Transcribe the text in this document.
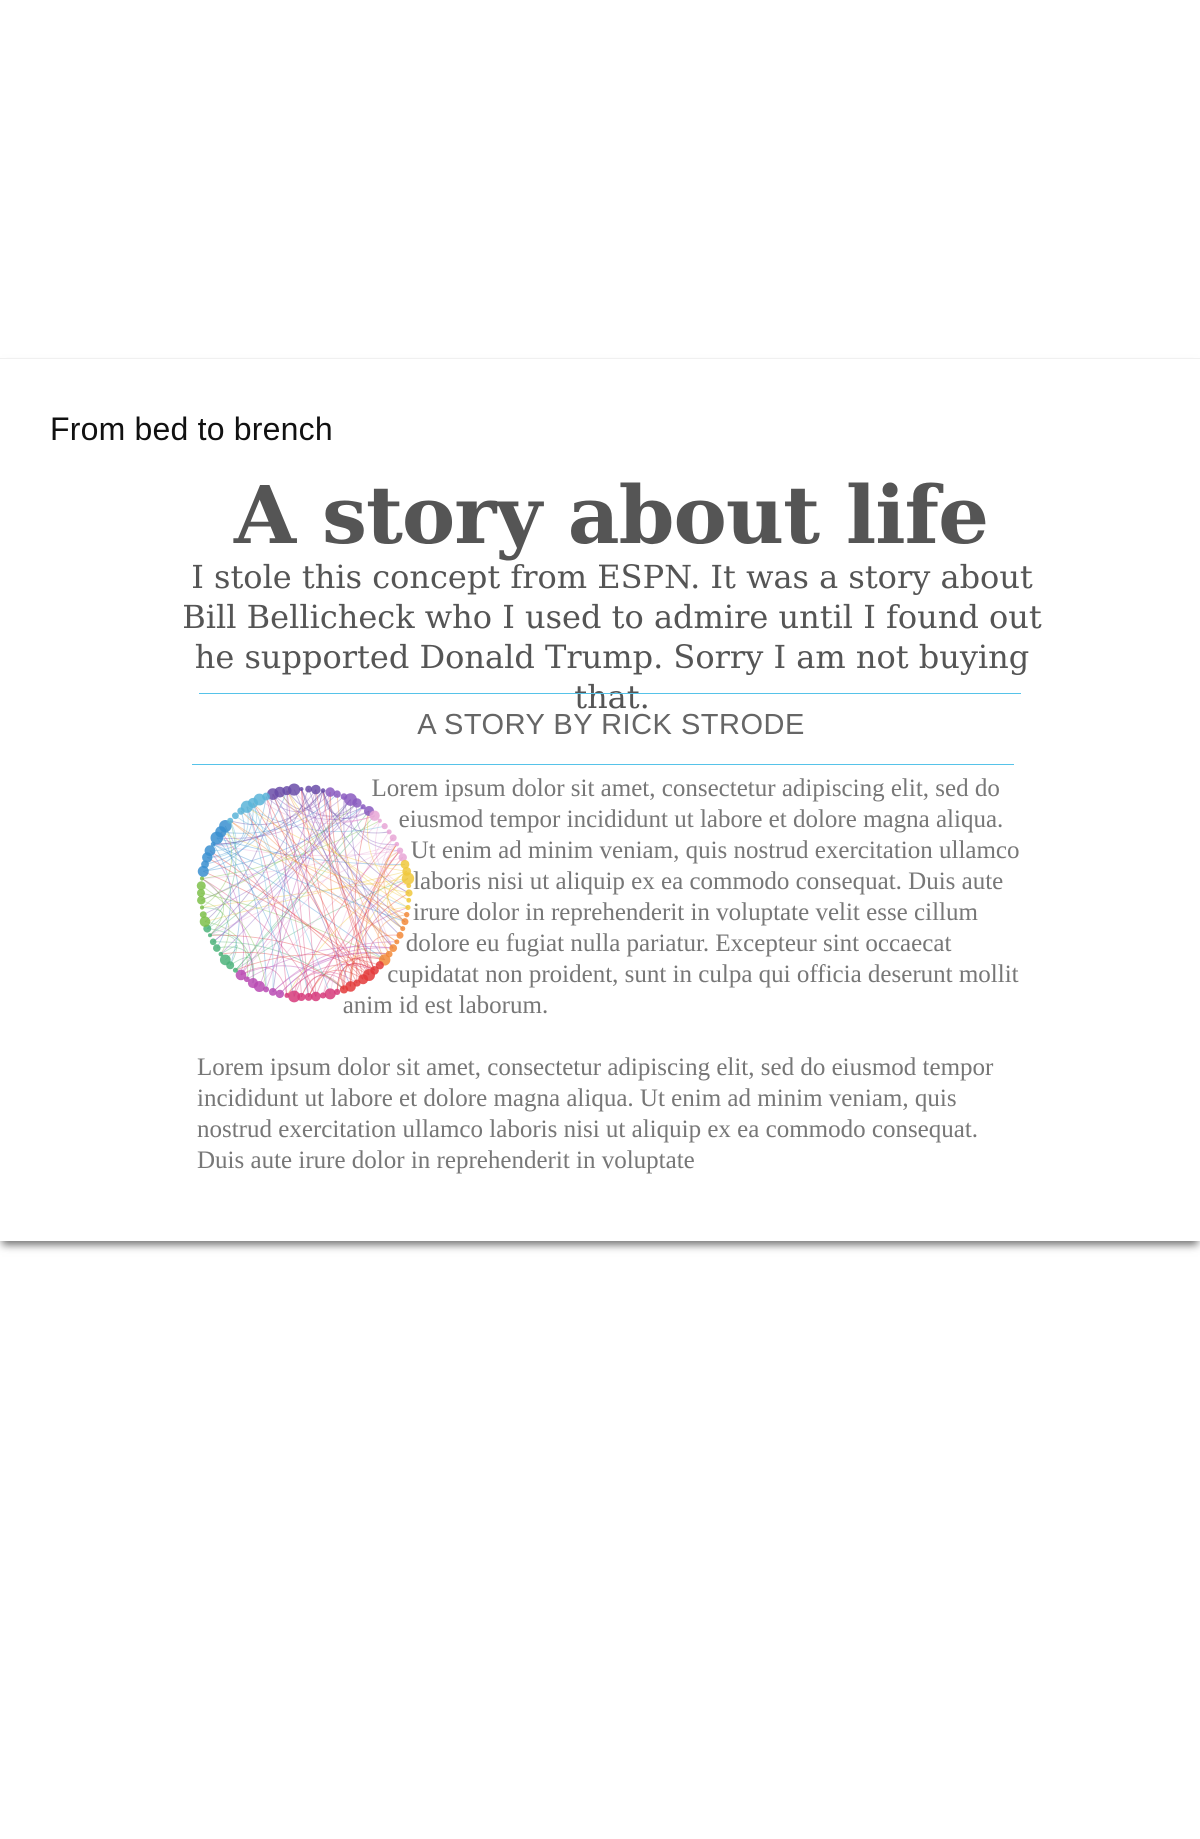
From bed to brench
A story about life

I stole this concept from ESPN. It was a story about Bill Bellicheck who I used to admire until I found out he supported Donald Trump. Sorry I am not buying that.

A STORY BY RICK STRODE

Lorem ipsum dolor sit amet, consectetur adipiscing elit, sed do eiusmod tempor incididunt ut labore et dolore magna aliqua. Ut enim ad minim veniam, quis nostrud exercitation ullamco laboris nisi ut aliquip ex ea commodo consequat. Duis aute irure dolor in reprehenderit in voluptate velit esse cillum dolore eu fugiat nulla pariatur. Excepteur sint occaecat cupidatat non proident, sunt in culpa qui officia deserunt mollit anim id est laborum.

Lorem ipsum dolor sit amet, consectetur adipiscing elit, sed do eiusmod tempor incididunt ut labore et dolore magna aliqua. Ut enim ad minim veniam, quis nostrud exercitation ullamco laboris nisi ut aliquip ex ea commodo consequat. Duis aute irure dolor in reprehenderit in voluptate
